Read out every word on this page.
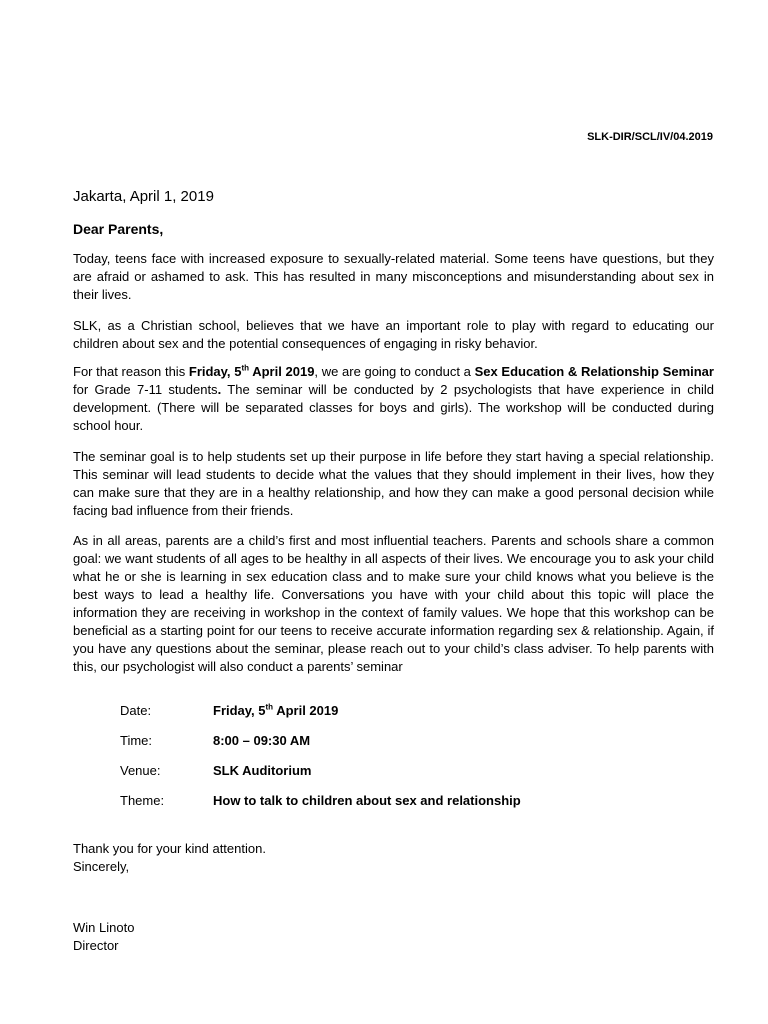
SLK-DIR/SCL/IV/04.2019
Jakarta, April 1, 2019
Dear Parents,

Today, teens face with increased exposure to sexually-related material. Some teens have questions, but they are afraid or ashamed to ask. This has resulted in many misconceptions and misunderstanding about sex in their lives.

SLK, as a Christian school, believes that we have an important role to play with regard to educating our children about sex and the potential consequences of engaging in risky behavior.

For that reason this Friday, 5th April 2019, we are going to conduct a Sex Education & Relationship Seminar for Grade 7-11 students. The seminar will be conducted by 2 psychologists that have experience in child development. (There will be separated classes for boys and girls). The workshop will be conducted during school hour.

The seminar goal is to help students set up their purpose in life before they start having a special relationship. This seminar will lead students to decide what the values that they should implement in their lives, how they can make sure that they are in a healthy relationship, and how they can make a good personal decision while facing bad influence from their friends.

As in all areas, parents are a child’s first and most influential teachers. Parents and schools share a common goal: we want students of all ages to be healthy in all aspects of their lives. We encourage you to ask your child what he or she is learning in sex education class and to make sure your child knows what you believe is the best ways to lead a healthy life. Conversations you have with your child about this topic will place the information they are receiving in workshop in the context of family values. We hope that this workshop can be beneficial as a starting point for our teens to receive accurate information regarding sex & relationship. Again, if you have any questions about the seminar, please reach out to your child’s class adviser. To help parents with this, our psychologist will also conduct a parents’ seminar

Date:	Friday, 5th April 2019
Time:	8:00 – 09:30 AM
Venue:	SLK Auditorium
Theme:	How to talk to children about sex and relationship
Thank you for your kind attention.
Sincerely,
Win Linoto
Director
